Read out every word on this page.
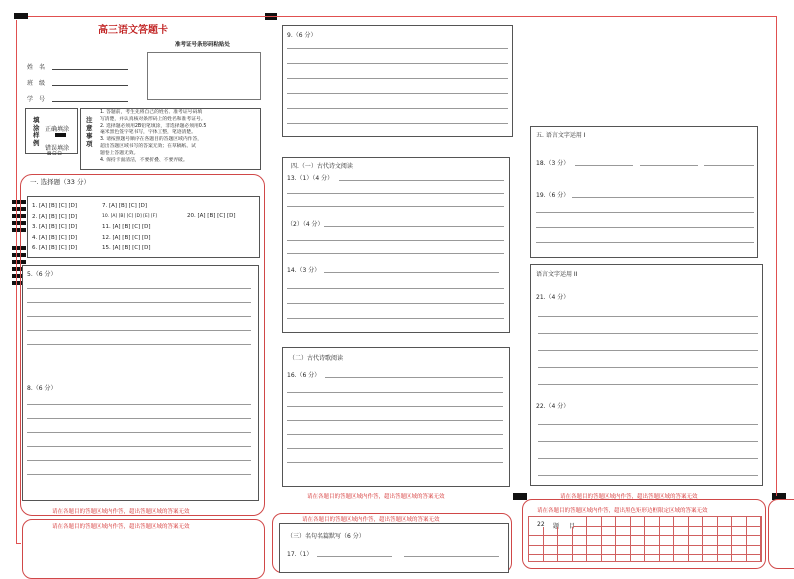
高三语文答题卡
准考证号条形码粘贴处
姓　名
班　级
学　号
填
涂
样
例
正确填涂
错误填涂
⊠⊡⊟
注
意
事
项
1. 答题前，考生先将自己的姓名、准考证号码填
写清楚，并认真核对条形码上的姓名和准考证号。
2. 选择题必须用2B铅笔填涂，非选择题必须用0.5
毫米黑色签字笔书写，字体工整，笔迹清楚。
3. 请按照题号顺序在各题目的答题区域内作答，
超出答题区域书写的答案无效；在草稿纸、试
题卷上答题无效。
4. 保持卡面清洁，不要折叠、不要弄破。
一. 选择题（33 分）
1. [A] [B] [C] [D]
2. [A] [B] [C] [D]
3. [A] [B] [C] [D]
4. [A] [B] [C] [D]
6. [A] [B] [C] [D]
7. [A] [B] [C] [D]
10. [A] [B] [C] [D] [E] [F]
11. [A] [B] [C] [D]
12. [A] [B] [C] [D]
15. [A] [B] [C] [D]
20. [A] [B] [C] [D]
5.（6 分）
8.（6 分）
请在各题目的答题区域内作答，超出答题区域的答案无效
请在各题目的答题区域内作答，超出答题区域的答案无效
9.（6 分）
四.（一）古代诗文阅读
13.（1）（4 分）
（2）（4 分）
14.（3 分）
（二）古代诗歌阅读
16.（6 分）
请在各题目的答题区域内作答，超出答题区域的答案无效
请在各题目的答题区域内作答，超出答题区域的答案无效
（三）名句名篇默写（6 分）
17.（1）
五. 语言文字运用 I
18.（3 分）
19.（6 分）
语言文字运用 II
21.（4 分）
22.（4 分）
请在各题目的答题区域内作答，超出答题区域的答案无效
请在各题目的答题区域内作答，超出黑色矩形边框限定区域的答案无效
22 题 目
